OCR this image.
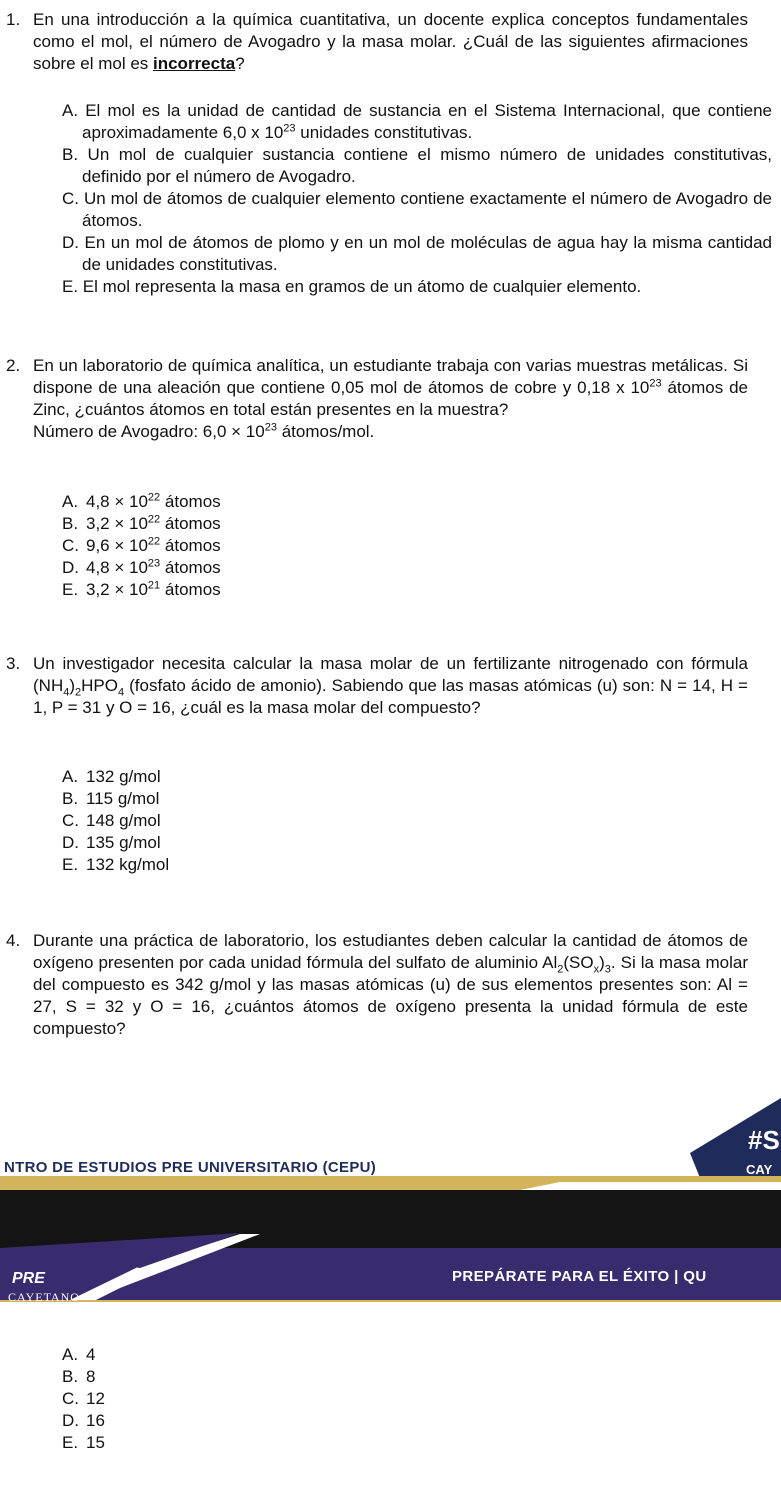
1. En una introducción a la química cuantitativa, un docente explica conceptos fundamentales como el mol, el número de Avogadro y la masa molar. ¿Cuál de las siguientes afirmaciones sobre el mol es incorrecta?
A. El mol es la unidad de cantidad de sustancia en el Sistema Internacional, que contiene aproximadamente 6,0 x $10^{23}$ unidades constitutivas.
B. Un mol de cualquier sustancia contiene el mismo número de unidades constitutivas, definido por el número de Avogadro.
C. Un mol de átomos de cualquier elemento contiene exactamente el número de Avogadro de átomos.
D. En un mol de átomos de plomo y en un mol de moléculas de agua hay la misma cantidad de unidades constitutivas.
E. El mol representa la masa en gramos de un átomo de cualquier elemento.
2. En un laboratorio de química analítica, un estudiante trabaja con varias muestras metálicas. Si dispone de una aleación que contiene 0,05 mol de átomos de cobre y 0,18 x $10^{23}$ átomos de Zinc, ¿cuántos átomos en total están presentes en la muestra?
Número de Avogadro: $6,0 \times 10^{23}$ átomos/mol.
A. $4,8 \times 10^{22}$ átomos
B. $3,2 \times 10^{22}$ átomos
C. $9,6 \times 10^{22}$ átomos
D. $4,8 \times 10^{23}$ átomos
E. $3,2 \times 10^{21}$ átomos
3. Un investigador necesita calcular la masa molar de un fertilizante nitrogenado con fórmula $(NH_4)_2HPO_4$ (fosfato ácido de amonio). Sabiendo que las masas atómicas (u) son: N = 14, H = 1, P = 31 y O = 16, ¿cuál es la masa molar del compuesto?
A. 132 g/mol
B. 115 g/mol
C. 148 g/mol
D. 135 g/mol
E. 132 kg/mol
4. Durante una práctica de laboratorio, los estudiantes deben calcular la cantidad de átomos de oxígeno presenten por cada unidad fórmula del sulfato de aluminio $Al_2(SO_x)_3$. Si la masa molar del compuesto es 342 g/mol y las masas atómicas (u) de sus elementos presentes son: Al = 27, S = 32 y O = 16, ¿cuántos átomos de oxígeno presenta la unidad fórmula de este compuesto?
NTRO DE ESTUDIOS PRE UNIVERSITARIO (CEPU)
#S
CAY
PRE
CAYETANO
PREPÁRATE PARA EL ÉXITO | QU
A. 4
B. 8
C. 12
D. 16
E. 15
